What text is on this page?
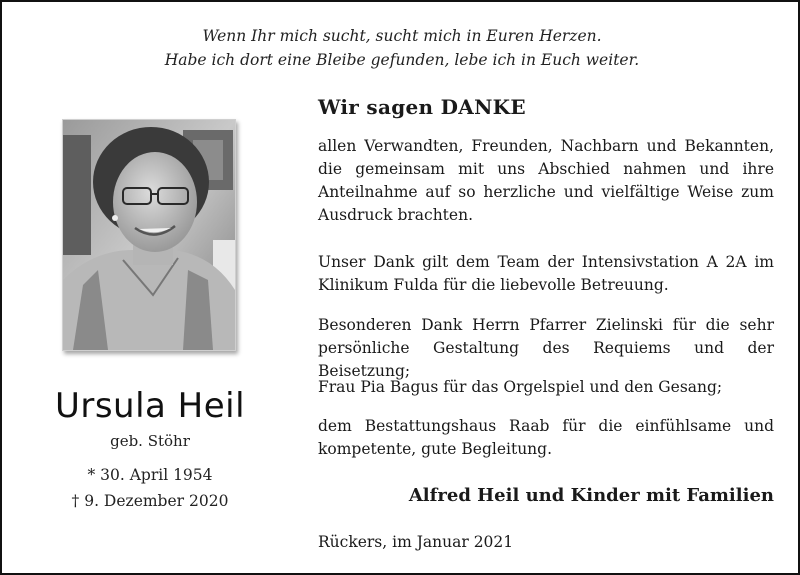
Wenn Ihr mich sucht, sucht mich in Euren Herzen.
Habe ich dort eine Bleibe gefunden, lebe ich in Euch weiter.
Ursula Heil
geb. Stöhr
* 30. April 1954
† 9. Dezember 2020
Wir sagen DANKE
allen Verwandten, Freunden, Nachbarn und Bekannten, die gemeinsam mit uns Abschied nahmen und ihre Anteilnahme auf so herzliche und vielfältige Weise zum Ausdruck brachten.
Unser Dank gilt dem Team der Intensivstation A 2A im Klinikum Fulda für die liebevolle Betreuung.
Besonderen Dank Herrn Pfarrer Zielinski für die sehr persönliche Gestaltung des Requiems und der Beisetzung;
Frau Pia Bagus für das Orgelspiel und den Gesang;
dem Bestattungshaus Raab für die einfühlsame und kompetente, gute Begleitung.
Alfred Heil und Kinder mit Familien
Rückers, im Januar 2021
